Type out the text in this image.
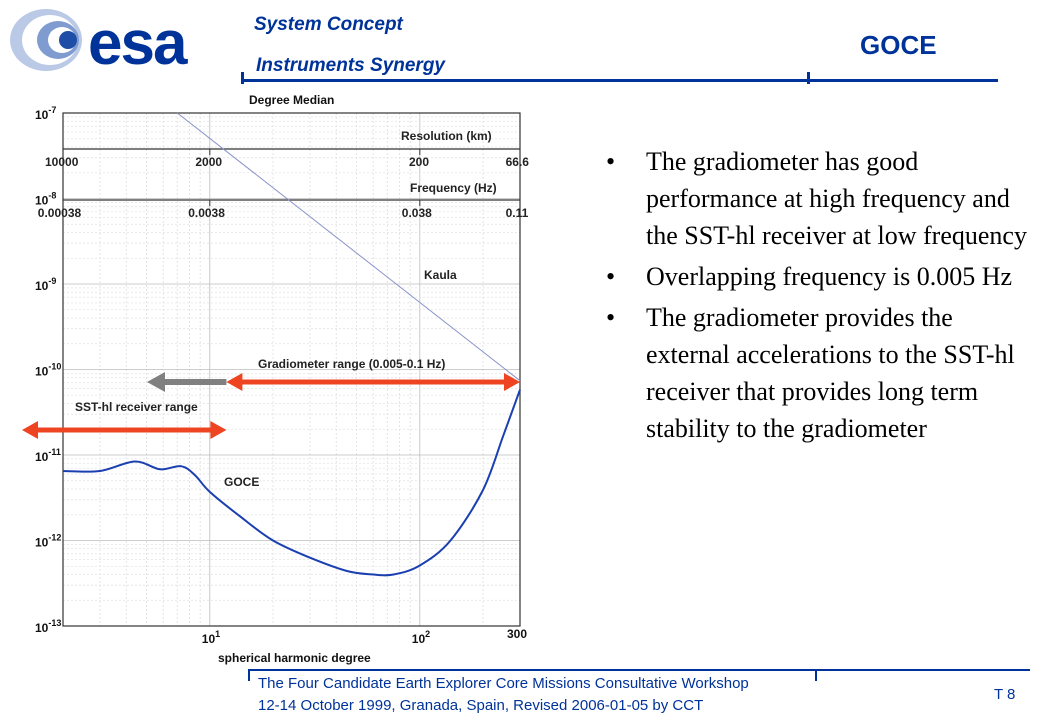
esa	System Concept
Instruments Synergy
GOCE
Degree Median
$10^{-7}$
$10^{-8}$
$10^{-9}$
$10^{-10}$
$10^{-11}$
$10^{-12}$
$10^{-13}$
$10^1$	$10^2$
spherical harmonic degree
300
Resolution (km)
Frequency (Hz)
10000	2000	200	66.6
0.00038	0.0038	0.038	0.11
Kaula
GOCE
Gradiometer range (0.005-0.1 Hz)
SST-hl receiver range
• The gradiometer has good performance at high frequency and the SST-hl receiver at low frequency
• Overlapping frequency is 0.005 Hz
• The gradiometer provides the external accelerations to the SST-hl receiver that provides long term stability to the gradiometer
The Four Candidate Earth Explorer Core Missions Consultative Workshop
12-14 October 1999, Granada, Spain, Revised 2006-01-05 by CCT
T 8
